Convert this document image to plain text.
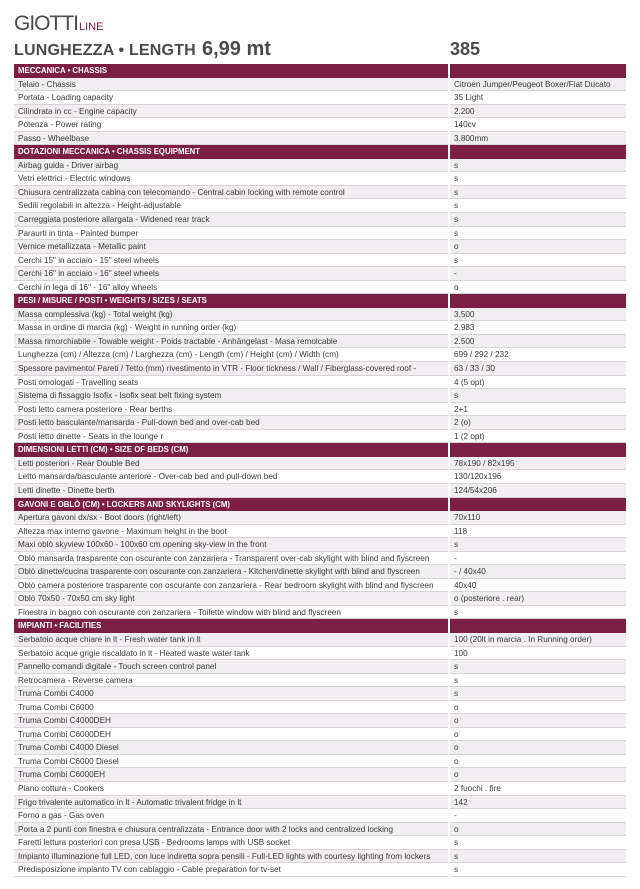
GIOTTILINE
LUNGHEZZA • LENGTH 6,99 mt	385
MECCANICA • CHASSIS
Telaio - Chassis	Citroen Jumper/Peugeot Boxer/Fiat Ducato
Portata - Loading capacity	35 Light
Cilindrata in cc - Engine capacity	2.200
Potenza - Power rating	140cv
Passo - Wheelbase	3.800mm
DOTAZIONI MECCANICA • CHASSIS EQUIPMENT
Airbag guida - Driver airbag	s
Vetri elettrici - Electric windows	s
Chiusura centralizzata cabina con telecomando - Central cabin locking with remote control	s
Sedili regolabili in altezza - Height-adjustable	s
Carreggiata posteriore allargata - Widened rear track	s
Paraurti in tinta - Painted bumper	s
Vernice metallizzata - Metallic paint	o
Cerchi 15" in acciaio - 15" steel wheels	s
Cerchi 16" in acciaio - 16" steel wheels	-
Cerchi in lega di 16" - 16" alloy wheels	o
PESI / MISURE / POSTI • WEIGHTS / SIZES / SEATS
Massa complessiva (kg) - Total weight (kg)	3.500
Massa in ordine di marcia (kg) - Weight in running order (kg)	2.983
Massa rimorchiabile - Towable weight - Poids tractable - Anhängelast - Masa remolcable	2.500
Lunghezza (cm) / Altezza (cm) / Larghezza (cm) - Length (cm) / Height (cm) / Width (cm)	699 / 292 / 232
Spessore pavimento/ Pareti / Tetto (mm) rivestimento in VTR - Floor tickness / Wall / Fiberglass-covered roof -	63 / 33 / 30
Posti omologati - Travelling seats	4 (5 opt)
Sistema di fissaggio Isofix - Isofix seat belt fixing system	s
Posti letto camera posteriore - Rear berths	2+1
Posti letto basculante/mansarda - Pull-down bed and over-cab bed	2 (o)
Posti letto dinette - Seats in the lounge r	1 (2 opt)
DIMENSIONI LETTI (CM) • SIZE OF BEDS (CM)
Letti posteriori - Rear Double Bed	78x190 / 82x195
Letto mansarda/basculante anteriore - Over-cab bed and pull-down bed	130/120x196
Letti dinette - Dinette berth	124/54x206
GAVONI E OBLÒ (CM) • LOCKERS AND SKYLIGHTS (CM)
Apertura gavoni dx/sx - Boot doors (right/left)	70x110
Altezza max interno gavone - Maximum height in the boot	118
Maxi oblò skyview 100x60 - 100x60 cm opening sky-view in the front	s
Oblò mansarda trasparente con oscurante con zanzariera - Transparent over-cab skylight with blind and flyscreen	-
Oblò dinette/cucina trasparente con oscurante con zanzariera - Kitchen/dinette skylight with blind and flyscreen	- / 40x40
Oblò camera posteriore trasparente con oscurante con zanzariera - Rear bedroom skylight with blind and flyscreen	40x40
Oblò 70x50 - 70x50 cm sky light	o (posteriore . rear)
Finestra in bagno con oscurante con zanzariera - Toilette window with blind and flyscreen	s
IMPIANTI • FACILITIES
Serbatoio acque chiare in lt - Fresh water tank in lt	100 (20lt in marcia . In Running order)
Serbatoio acque grigie riscaldato in lt - Heated waste water tank	100
Pannello comandi digitale - Touch screen control panel	s
Retrocamera - Reverse camera	s
Truma Combi C4000	s
Truma Combi C6000	o
Truma Combi C4000DEH	o
Truma Combi C6000DEH	o
Truma Combi C4000 Diesel	o
Truma Combi C6000 Diesel	o
Truma Combi C6000EH	o
Piano cottura - Cookers	2 fuochi . fire
Frigo trivalente automatico in lt - Automatic trivalent fridge in lt	142
Forno a gas - Gas oven	-
Porta a 2 punti con finestra e chiusura centralizzata - Entrance door with 2 locks and centralized locking	o
Faretti lettura posteriori con presa USB - Bedrooms lamps with USB socket	s
Impianto illuminazione full LED, con luce indiretta sopra pensili - Full-LED lights with courtesy lighting from lockers	s
Predisposizione impianto TV con cablaggio - Cable preparation for tv-set	s
